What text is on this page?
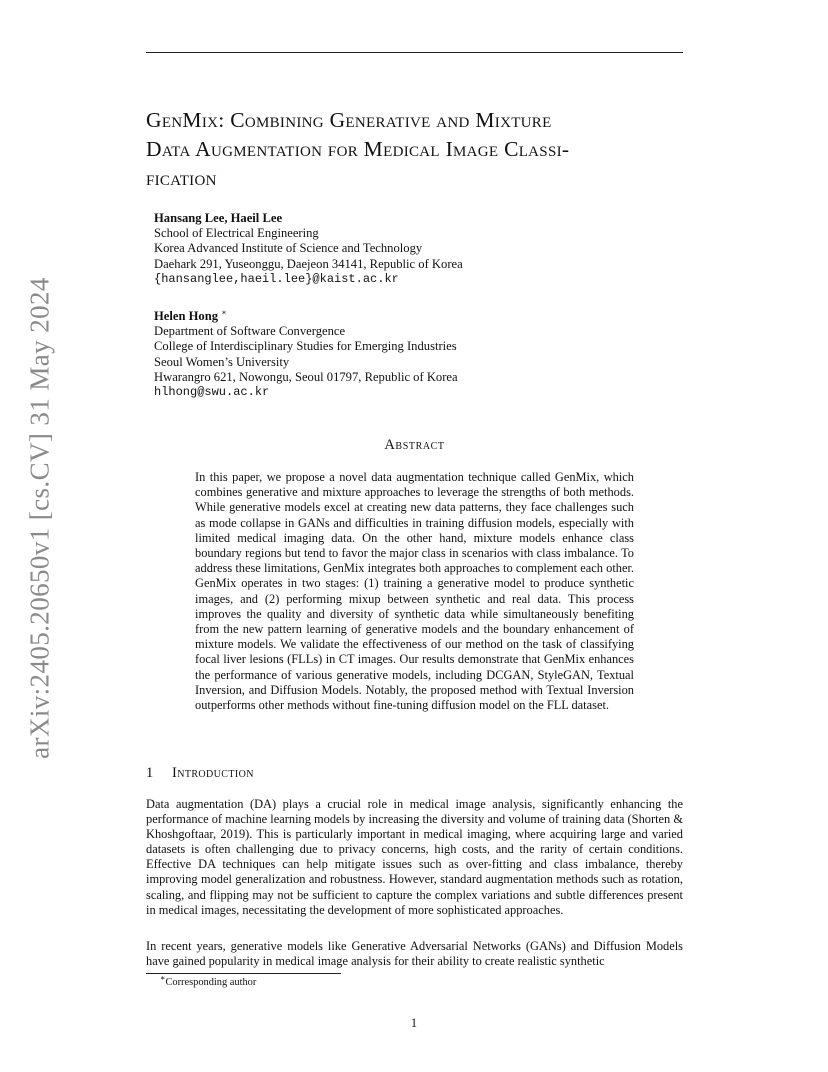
arXiv:2405.20650v1 [cs.CV] 31 May 2024
GenMix: Combining Generative and Mixture
Data Augmentation for Medical Image Classi-
fication
Hansang Lee, Haeil Lee
School of Electrical Engineering
Korea Advanced Institute of Science and Technology
Daehark 291, Yuseonggu, Daejeon 34141, Republic of Korea
{hansanglee,haeil.lee}@kaist.ac.kr
Helen Hong ∗
Department of Software Convergence
College of Interdisciplinary Studies for Emerging Industries
Seoul Women’s University
Hwarangro 621, Nowongu, Seoul 01797, Republic of Korea
hlhong@swu.ac.kr
Abstract
In this paper, we propose a novel data augmentation technique called GenMix, which combines generative and mixture approaches to leverage the strengths of both methods. While generative models excel at creating new data patterns, they face challenges such as mode collapse in GANs and difficulties in training diffusion models, especially with limited medical imaging data. On the other hand, mixture models enhance class boundary regions but tend to favor the major class in scenarios with class imbalance. To address these limitations, GenMix integrates both approaches to complement each other. GenMix operates in two stages: (1) training a generative model to produce synthetic images, and (2) performing mixup between synthetic and real data. This process improves the quality and diversity of synthetic data while simultaneously benefiting from the new pattern learning of generative models and the boundary enhancement of mixture models. We validate the effectiveness of our method on the task of classifying focal liver lesions (FLLs) in CT images. Our results demonstrate that GenMix enhances the performance of various generative models, including DCGAN, StyleGAN, Textual Inversion, and Diffusion Models. Notably, the proposed method with Textual Inversion outperforms other methods without fine-tuning diffusion model on the FLL dataset.
1 Introduction

Data augmentation (DA) plays a crucial role in medical image analysis, significantly enhancing the performance of machine learning models by increasing the diversity and volume of training data (Shorten & Khoshgoftaar, 2019). This is particularly important in medical imaging, where acquiring large and varied datasets is often challenging due to privacy concerns, high costs, and the rarity of certain conditions. Effective DA techniques can help mitigate issues such as over-fitting and class imbalance, thereby improving model generalization and robustness. However, standard augmentation methods such as rotation, scaling, and flipping may not be sufficient to capture the complex variations and subtle differences present in medical images, necessitating the development of more sophisticated approaches.

In recent years, generative models like Generative Adversarial Networks (GANs) and Diffusion Models have gained popularity in medical image analysis for their ability to create realistic synthetic

∗Corresponding author
1
